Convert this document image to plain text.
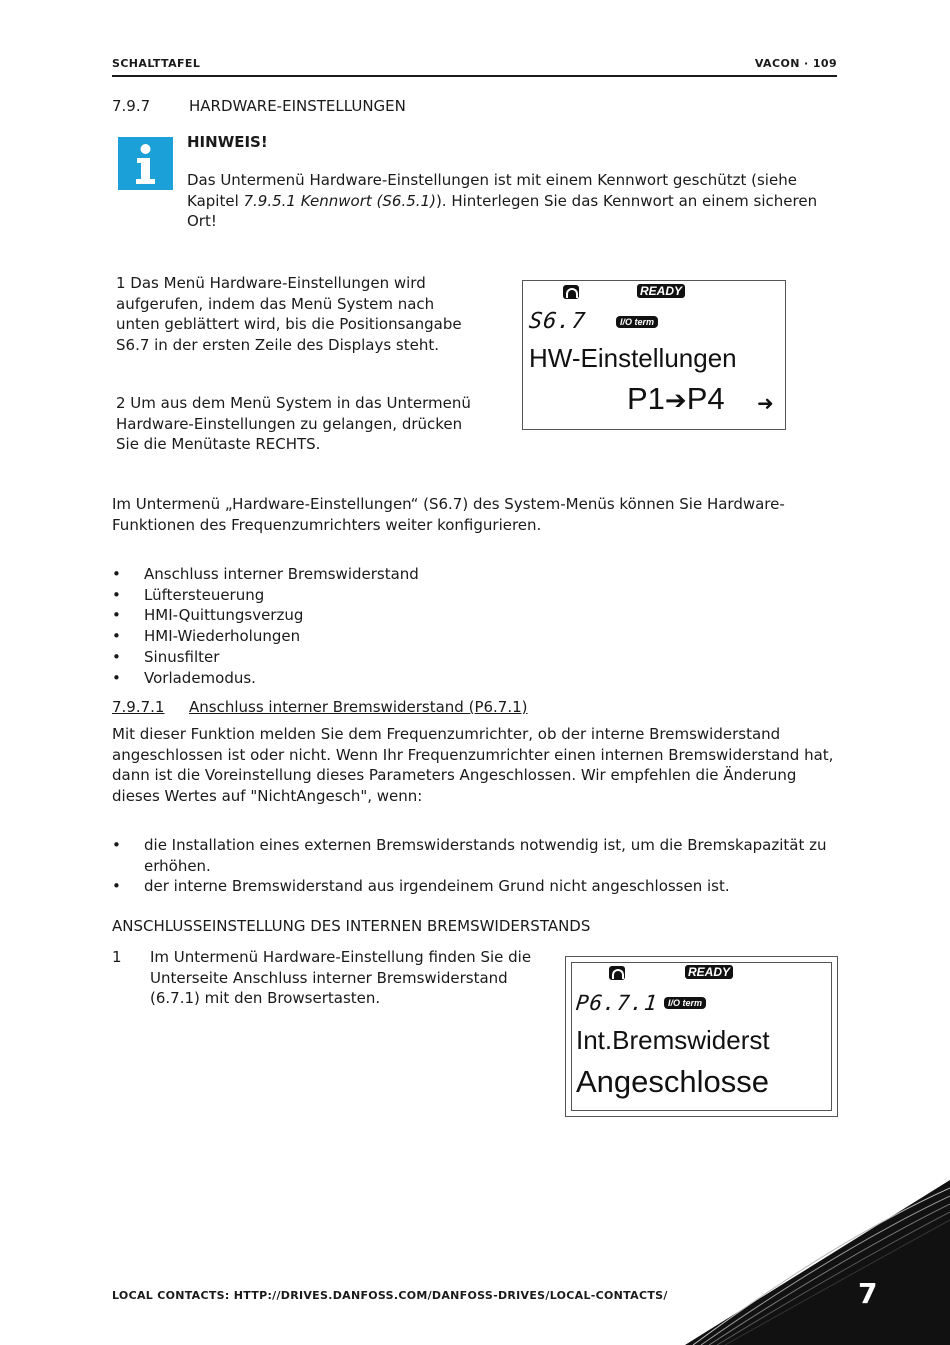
SCHALTTAFEL	VACON · 109
7.9.7	HARDWARE-EINSTELLUNGEN
HINWEIS!
Das Untermenü Hardware-Einstellungen ist mit einem Kennwort geschützt (siehe Kapitel 7.9.5.1 Kennwort (S6.5.1)). Hinterlegen Sie das Kennwort an einem sicheren Ort!
1 Das Menü Hardware-Einstellungen wird aufgerufen, indem das Menü System nach unten geblättert wird, bis die Positionsangabe S6.7 in der ersten Zeile des Displays steht.
2 Um aus dem Menü System in das Untermenü Hardware-Einstellungen zu gelangen, drücken Sie die Menütaste RECHTS.
READY
S6.7	I/O term
HW-Einstellungen
P1➔P4 ➜
Im Untermenü „Hardware-Einstellungen“ (S6.7) des System-Menüs können Sie Hardware-Funktionen des Frequenzumrichters weiter konfigurieren.
• Anschluss interner Bremswiderstand
• Lüftersteuerung
• HMI-Quittungsverzug
• HMI-Wiederholungen
• Sinusfilter
• Vorlademodus.
7.9.7.1 Anschluss interner Bremswiderstand (P6.7.1)
Mit dieser Funktion melden Sie dem Frequenzumrichter, ob der interne Bremswiderstand angeschlossen ist oder nicht. Wenn Ihr Frequenzumrichter einen internen Bremswiderstand hat, dann ist die Voreinstellung dieses Parameters Angeschlossen. Wir empfehlen die Änderung dieses Wertes auf "NichtAngesch", wenn:
• die Installation eines externen Bremswiderstands notwendig ist, um die Bremskapazität zu erhöhen.
• der interne Bremswiderstand aus irgendeinem Grund nicht angeschlossen ist.
ANSCHLUSSEINSTELLUNG DES INTERNEN BREMSWIDERSTANDS
1 Im Untermenü Hardware-Einstellung finden Sie die Unterseite Anschluss interner Bremswiderstand (6.7.1) mit den Browsertasten.
READY
P6.7.1 I/O term
Int.Bremswiderst
Angeschlosse
LOCAL CONTACTS: HTTP://DRIVES.DANFOSS.COM/DANFOSS-DRIVES/LOCAL-CONTACTS/	7
